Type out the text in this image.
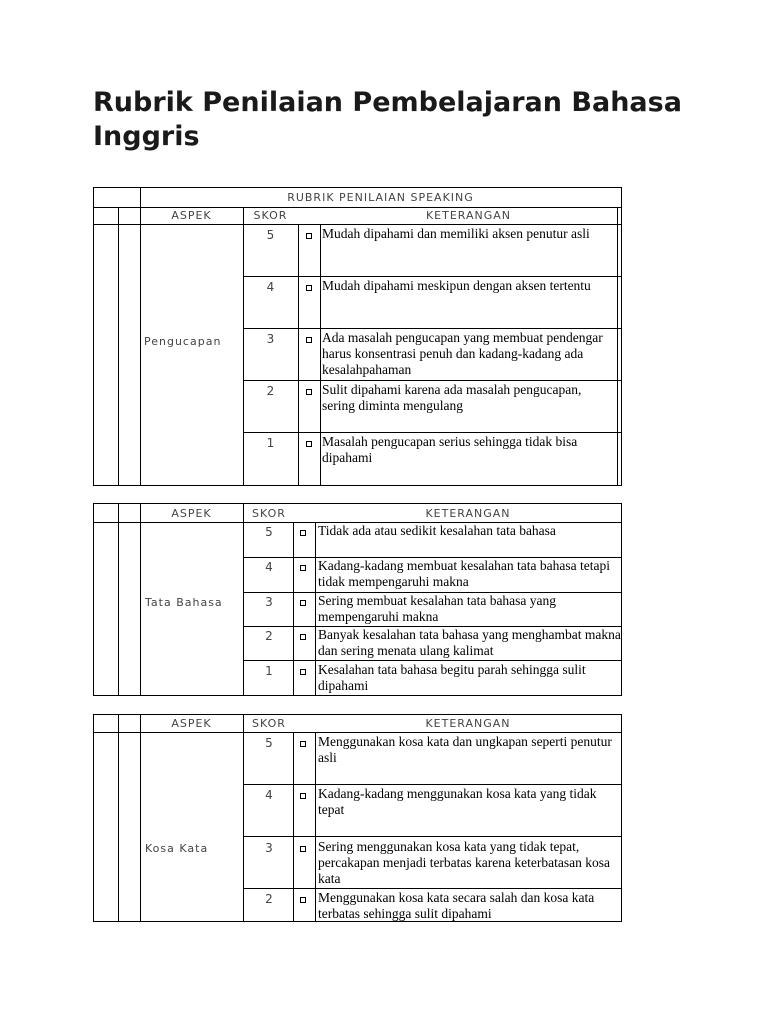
Rubrik Penilaian Pembelajaran Bahasa Inggris
RUBRIK PENILAIAN SPEAKING
ASPEK	SKOR	KETERANGAN
Pengucapan
5	Mudah dipahami dan memiliki aksen penutur asli
4	Mudah dipahami meskipun dengan aksen tertentu
3	Ada masalah pengucapan yang membuat pendengar harus konsentrasi penuh dan kadang-kadang ada kesalahpahaman
2	Sulit dipahami karena ada masalah pengucapan, sering diminta mengulang
1	Masalah pengucapan serius sehingga tidak bisa dipahami
ASPEK	SKOR	KETERANGAN
Tata Bahasa
5	Tidak ada atau sedikit kesalahan tata bahasa
4	Kadang-kadang membuat kesalahan tata bahasa tetapi tidak mempengaruhi makna
3	Sering membuat kesalahan tata bahasa yang mempengaruhi makna
2	Banyak kesalahan tata bahasa yang menghambat makna dan sering menata ulang kalimat
1	Kesalahan tata bahasa begitu parah sehingga sulit dipahami
ASPEK	SKOR	KETERANGAN
Kosa Kata
5	Menggunakan kosa kata dan ungkapan seperti penutur asli
4	Kadang-kadang menggunakan kosa kata yang tidak tepat
3	Sering menggunakan kosa kata yang tidak tepat, percakapan menjadi terbatas karena keterbatasan kosa kata
2	Menggunakan kosa kata secara salah dan kosa kata terbatas sehingga sulit dipahami
